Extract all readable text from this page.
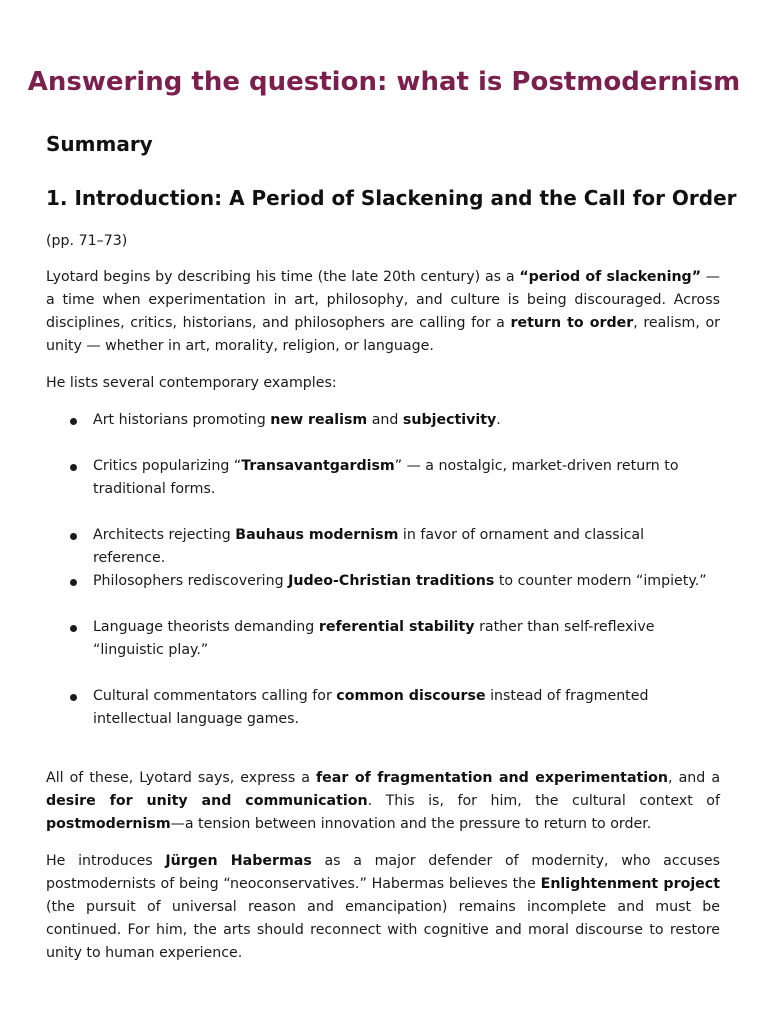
Answering the question: what is Postmodernism
Summary
1. Introduction: A Period of Slackening and the Call for Order

(pp. 71–73)

Lyotard begins by describing his time (the late 20th century) as a “period of slackening” — a time when experimentation in art, philosophy, and culture is being discouraged. Across disciplines, critics, historians, and philosophers are calling for a return to order, realism, or unity — whether in art, morality, religion, or language.

He lists several contemporary examples:

Art historians promoting new realism and subjectivity.
Critics popularizing “Transavantgardism” — a nostalgic, market-driven return to traditional forms.
Architects rejecting Bauhaus modernism in favor of ornament and classical reference.
Philosophers rediscovering Judeo-Christian traditions to counter modern “impiety.”
Language theorists demanding referential stability rather than self-reflexive “linguistic play.”
Cultural commentators calling for common discourse instead of fragmented intellectual language games.

All of these, Lyotard says, express a fear of fragmentation and experimentation, and a desire for unity and communication. This is, for him, the cultural context of postmodernism—a tension between innovation and the pressure to return to order.

He introduces Jürgen Habermas as a major defender of modernity, who accuses postmodernists of being “neoconservatives.” Habermas believes the Enlightenment project (the pursuit of universal reason and emancipation) remains incomplete and must be continued. For him, the arts should reconnect with cognitive and moral discourse to restore unity to human experience.
